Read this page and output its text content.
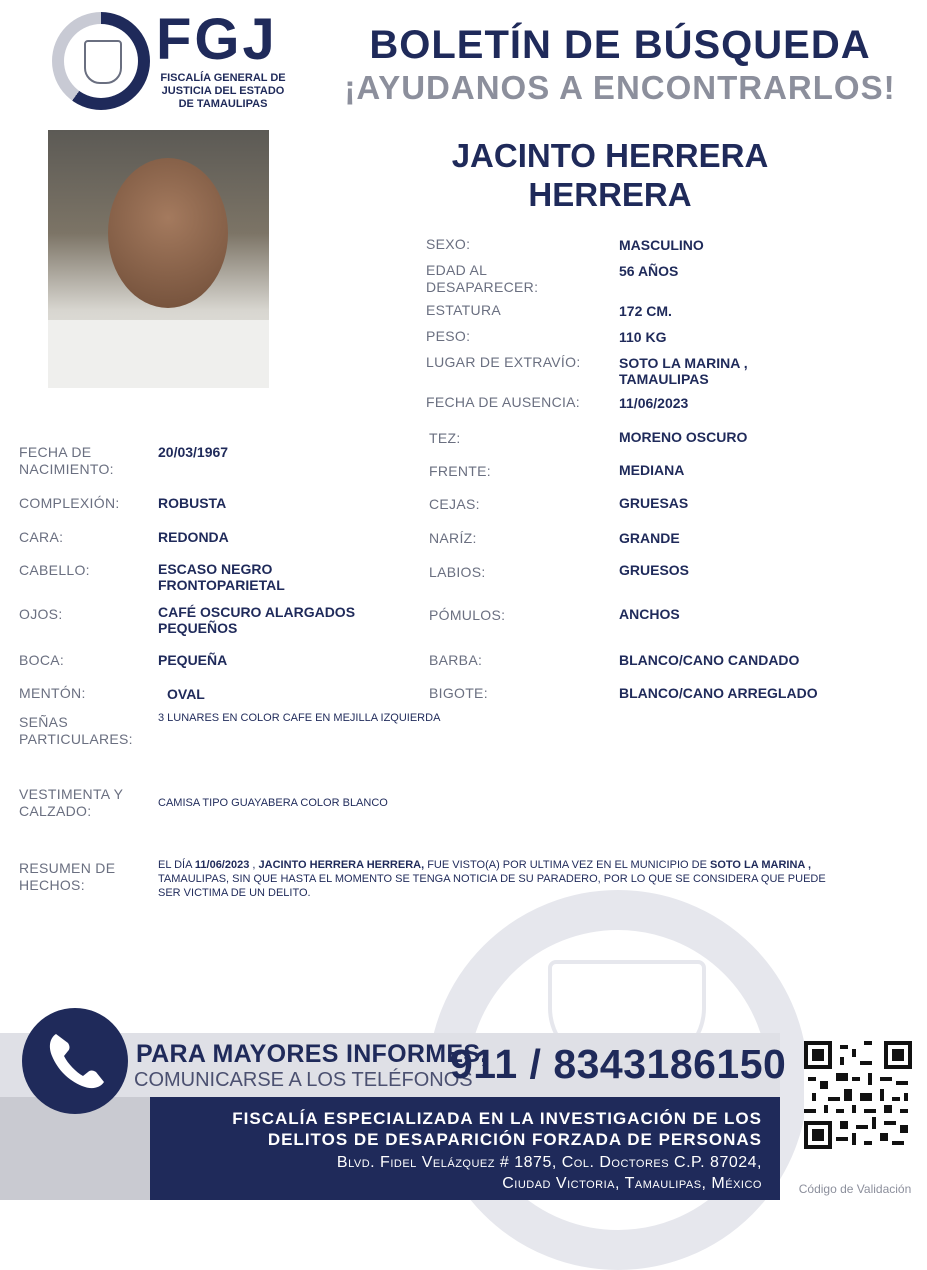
FGJ
FISCALÍA GENERAL DE
JUSTICIA DEL ESTADO
DE TAMAULIPAS
BOLETÍN DE BÚSQUEDA
¡AYUDANOS A ENCONTRARLOS!
JACINTO HERRERA
HERRERA
SEXO:	MASCULINO
EDAD AL
DESAPARECER:
56 AÑOS
ESTATURA	172 CM.
PESO:	110 KG
LUGAR DE EXTRAVÍO:	SOTO LA MARINA ,
TAMAULIPAS
FECHA DE AUSENCIA:	11/06/2023
TEZ:	MORENO OSCURO
FRENTE:	MEDIANA
CEJAS:	GRUESAS
NARÍZ:	GRANDE
LABIOS:	GRUESOS
PÓMULOS:	ANCHOS
BARBA:	BLANCO/CANO CANDADO
BIGOTE:	BLANCO/CANO ARREGLADO
FECHA DE
NACIMIENTO:
20/03/1967
COMPLEXIÓN:	ROBUSTA
CARA:	REDONDA
CABELLO:	ESCASO NEGRO
FRONTOPARIETAL
OJOS:	CAFÉ OSCURO ALARGADOS
PEQUEÑOS
BOCA:	PEQUEÑA
MENTÓN:	OVAL
SEÑAS
PARTICULARES:
3 LUNARES EN COLOR CAFE EN MEJILLA IZQUIERDA
VESTIMENTA Y
CALZADO:	CAMISA TIPO GUAYABERA COLOR BLANCO
RESUMEN DE
HECHOS:
EL DÍA 11/06/2023 , JACINTO HERRERA HERRERA, FUE VISTO(A) POR ULTIMA VEZ EN EL MUNICIPIO DE SOTO LA MARINA , TAMAULIPAS, SIN QUE HASTA EL MOMENTO SE TENGA NOTICIA DE SU PARADERO, POR LO QUE SE CONSIDERA QUE PUEDE SER VICTIMA DE UN DELITO.
PARA MAYORES INFORMES,
COMUNICARSE A LOS TELÉFONOS
911 / 8343186150
FISCALÍA ESPECIALIZADA EN LA INVESTIGACIÓN DE LOS
DELITOS DE DESAPARICIÓN FORZADA DE PERSONAS
Blvd. Fidel Velázquez # 1875, Col. Doctores C.P. 87024,
Ciudad Victoria, Tamaulipas, México	Código de Validación
